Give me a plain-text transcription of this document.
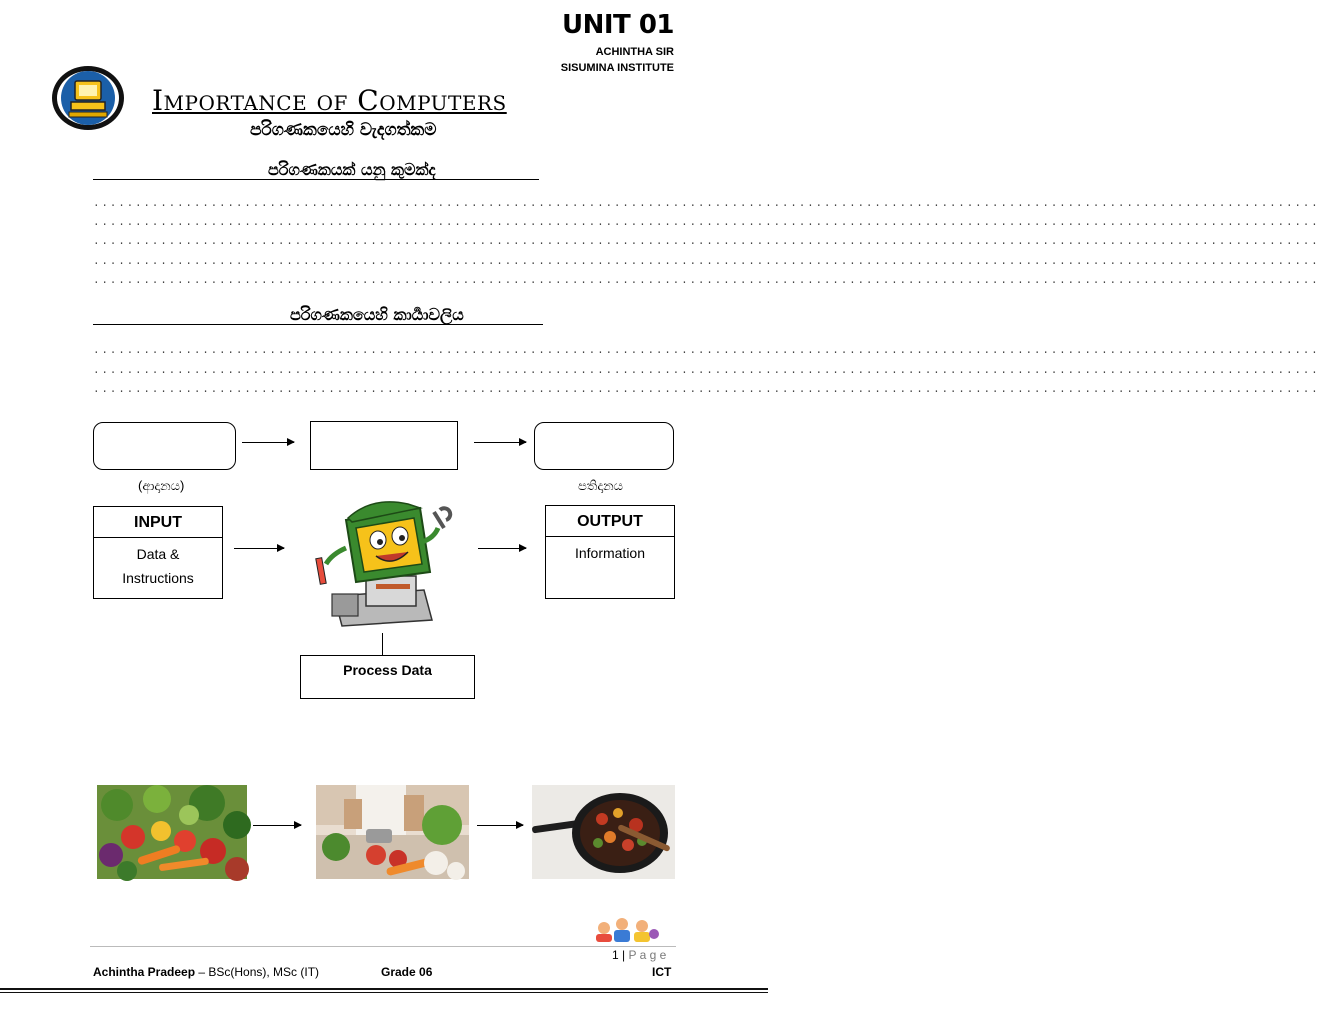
UNIT 01
ACHINTHA SIR
SISUMINA INSTITUTE
Importance of Computers
පරිගණකයෙහි වැදගත්කම
පරිගණකයක් යනු කුමක්ද
..................................................................................................................................................
..................................................................................................................................................
..................................................................................................................................................
..................................................................................................................................................
..................................................................................................................................................
පරිගණකයෙහි කාර්‍යාවලිය
..................................................................................................................................................
..................................................................................................................................................
..................................................................................................................................................
(ආදානය)	පතිදානය
INPUT
Data &
Instructions
OUTPUT
Information
Process Data
1 | P a g e
Achintha Pradeep – BSc(Hons), MSc (IT)	Grade 06	ICT
